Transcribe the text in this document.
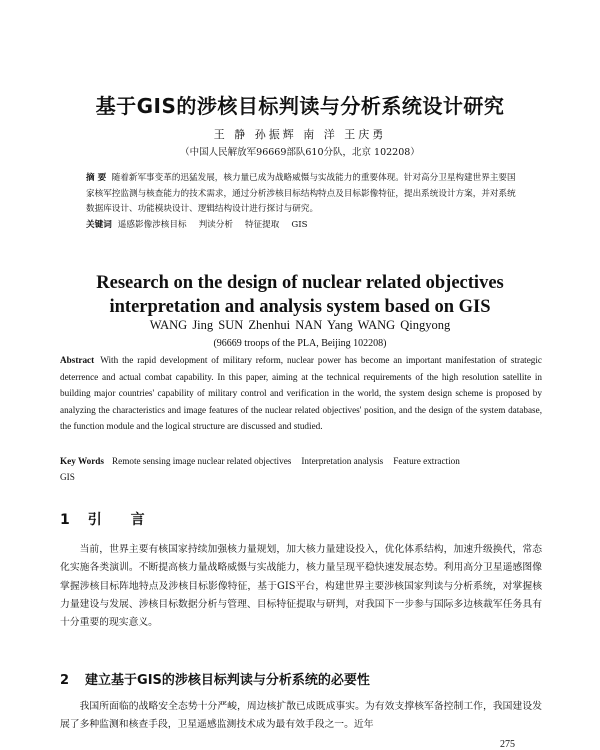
基于GIS的涉核目标判读与分析系统设计研究
王 静 孙振辉 南 洋 王庆勇
（中国人民解放军96669部队610分队，北京 102208）
摘 要 随着新军事变革的迅猛发展，核力量已成为战略威慑与实战能力的重要体现。针对高分卫星构建世界主要国家核军控监测与核查能力的技术需求，通过分析涉核目标结构特点及目标影像特征，提出系统设计方案，并对系统数据库设计、功能模块设计、逻辑结构设计进行探讨与研究。
关键词 遥感影像涉核目标 判读分析 特征提取 GIS
Research on the design of nuclear related objectives
interpretation and analysis system based on GIS
WANG Jing SUN Zhenhui NAN Yang WANG Qingyong
(96669 troops of the PLA, Beijing 102208)
Abstract With the rapid development of military reform, nuclear power has become an important manifestation of strategic deterrence and actual combat capability. In this paper, aiming at the technical requirements of the high resolution satellite in building major countries' capability of military control and verification in the world, the system design scheme is proposed by analyzing the characteristics and image features of the nuclear related objectives' position, and the design of the system database, the function module and the logical structure are discussed and studied.
Key Words Remote sensing image nuclear related objectives Interpretation analysis Feature extraction
GIS
1 引 言
当前，世界主要有核国家持续加强核力量规划，加大核力量建设投入，优化体系结构，加速升级换代，常态化实施各类演训。不断提高核力量战略威慑与实战能力，核力量呈现平稳快速发展态势。利用高分卫星遥感图像掌握涉核目标阵地特点及涉核目标影像特征，基于GIS平台，构建世界主要涉核国家判读与分析系统，对掌握核力量建设与发展、涉核目标数据分析与管理、目标特征提取与研判，对我国下一步参与国际多边核裁军任务具有十分重要的现实意义。
2 建立基于GIS的涉核目标判读与分析系统的必要性
我国所面临的战略安全态势十分严峻，周边核扩散已成既成事实。为有效支撑核军备控制工作，我国建设发展了多种监测和核查手段，卫星遥感监测技术成为最有效手段之一。近年
275
